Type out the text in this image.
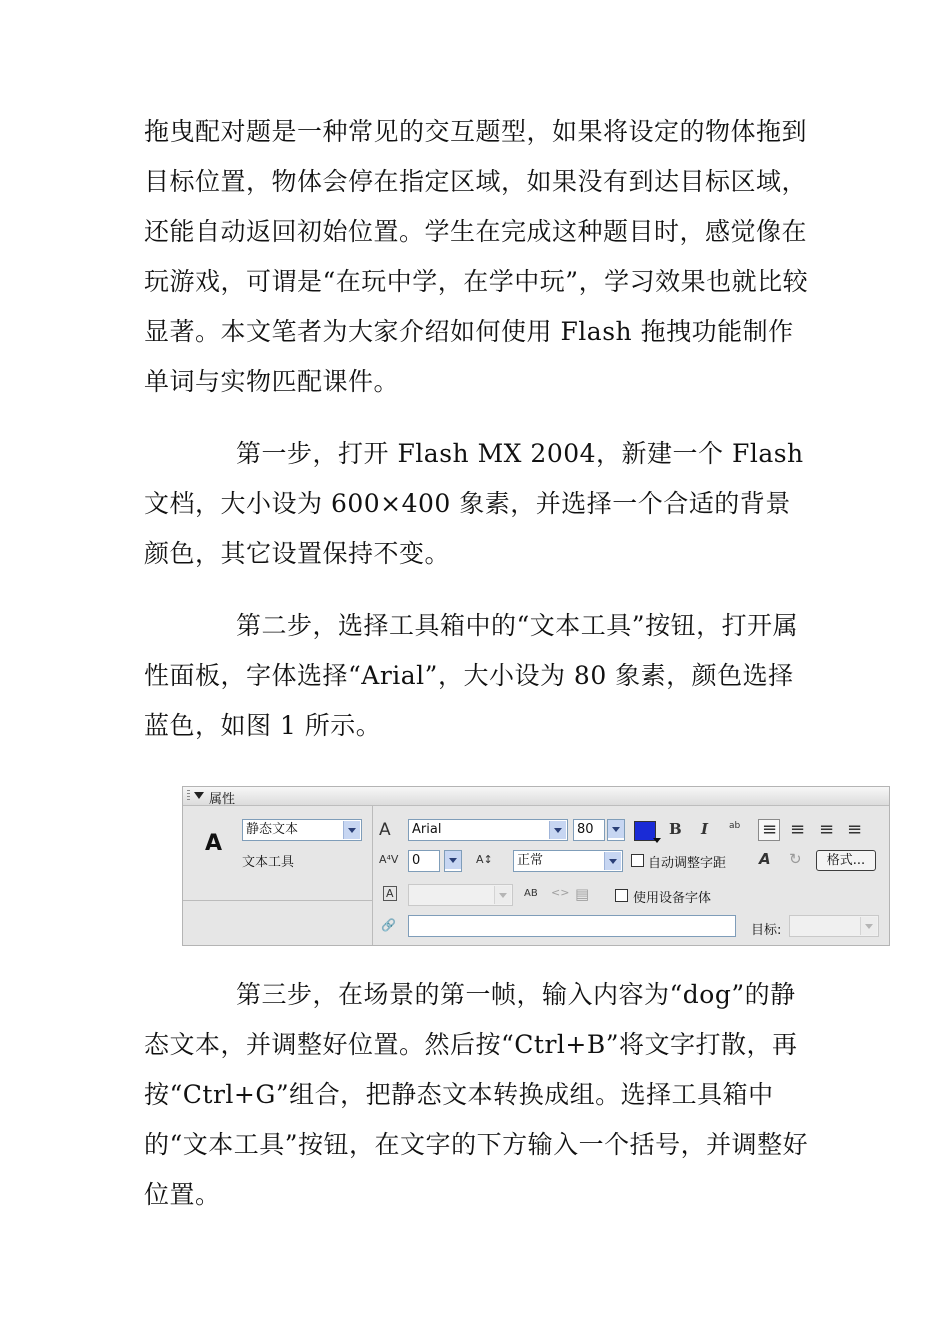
拖曳配对题是一种常见的交互题型，如果将设定的物体拖到目标位置，物体会停在指定区域，如果没有到达目标区域，还能自动返回初始位置。学生在完成这种题目时，感觉像在玩游戏，可谓是“在玩中学，在学中玩”，学习效果也就比较显著。本文笔者为大家介绍如何使用 Flash 拖拽功能制作单词与实物匹配课件。

第一步，打开 Flash MX 2004，新建一个 Flash 文档，大小设为 600×400 象素，并选择一个合适的背景颜色，其它设置保持不变。

第二步，选择工具箱中的“文本工具”按钮，打开属性面板，字体选择“Arial”，大小设为 80 象素，颜色选择蓝色，如图 1 所示。

属性
A
静态文本
文本工具
A	Arial	80	B I ab ≡ ≡ ≡ ≡
A⁴V	0	A↕	正常	自动调整字距 A ↻	格式...
A	AB <> ▤	使用设备字体
🔗	目标:

第三步，在场景的第一帧，输入内容为“dog”的静态文本，并调整好位置。然后按“Ctrl+B”将文字打散，再按“Ctrl+G”组合，把静态文本转换成组。选择工具箱中的“文本工具”按钮，在文字的下方输入一个括号，并调整好位置。
